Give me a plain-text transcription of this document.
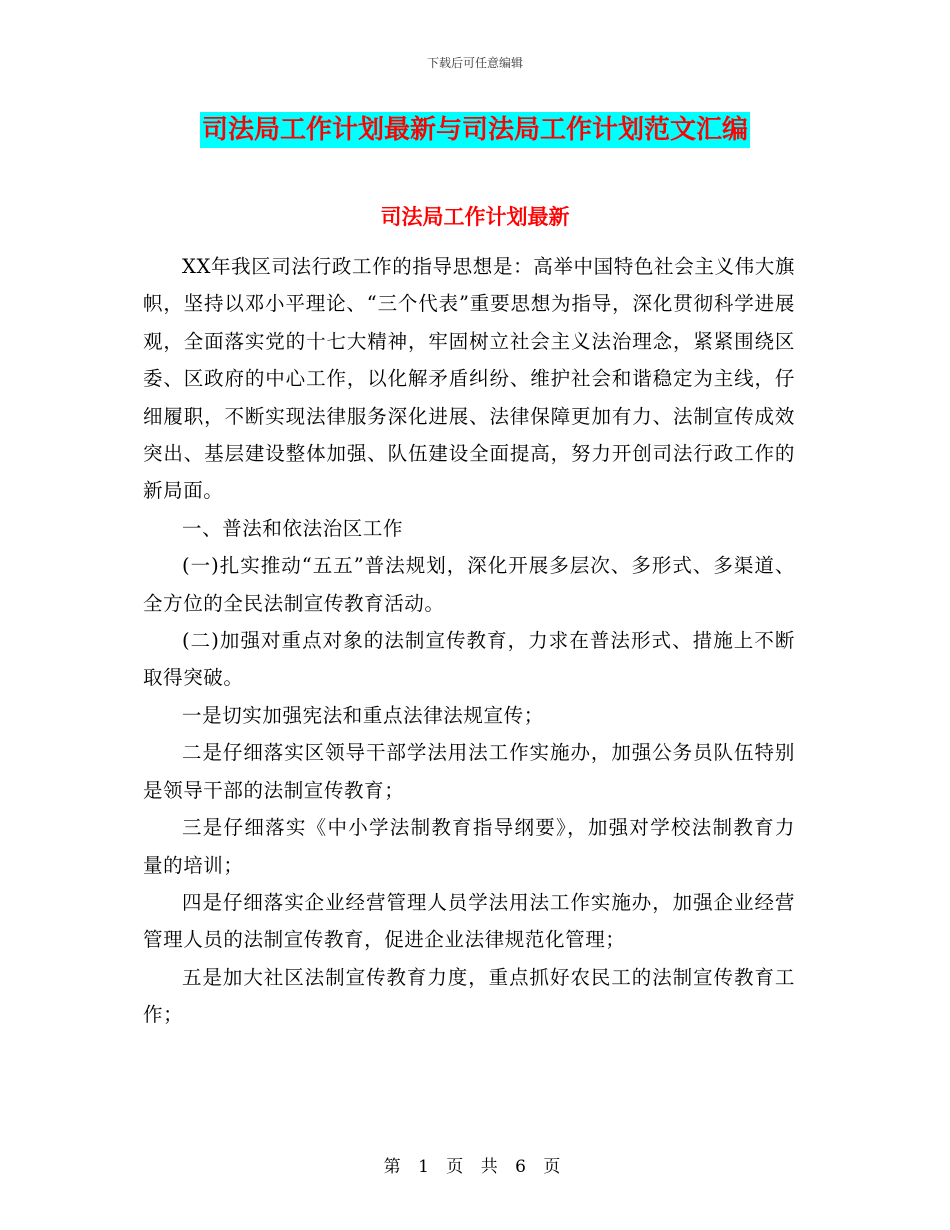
下载后可任意编辑
司法局工作计划最新与司法局工作计划范文汇编
司法局工作计划最新

XX年我区司法行政工作的指导思想是：高举中国特色社会主义伟大旗帜，坚持以邓小平理论、“三个代表”重要思想为指导，深化贯彻科学进展观，全面落实党的十七大精神，牢固树立社会主义法治理念，紧紧围绕区委、区政府的中心工作，以化解矛盾纠纷、维护社会和谐稳定为主线，仔细履职，不断实现法律服务深化进展、法律保障更加有力、法制宣传成效突出、基层建设整体加强、队伍建设全面提高，努力开创司法行政工作的新局面。

一、普法和依法治区工作

(一)扎实推动“五五”普法规划，深化开展多层次、多形式、多渠道、全方位的全民法制宣传教育活动。

(二)加强对重点对象的法制宣传教育，力求在普法形式、措施上不断取得突破。

一是切实加强宪法和重点法律法规宣传；

二是仔细落实区领导干部学法用法工作实施办，加强公务员队伍特别是领导干部的法制宣传教育；

三是仔细落实《中小学法制教育指导纲要》，加强对学校法制教育力量的培训；

四是仔细落实企业经营管理人员学法用法工作实施办，加强企业经营管理人员的法制宣传教育，促进企业法律规范化管理；

五是加大社区法制宣传教育力度，重点抓好农民工的法制宣传教育工作；

第 1 页 共 6 页
